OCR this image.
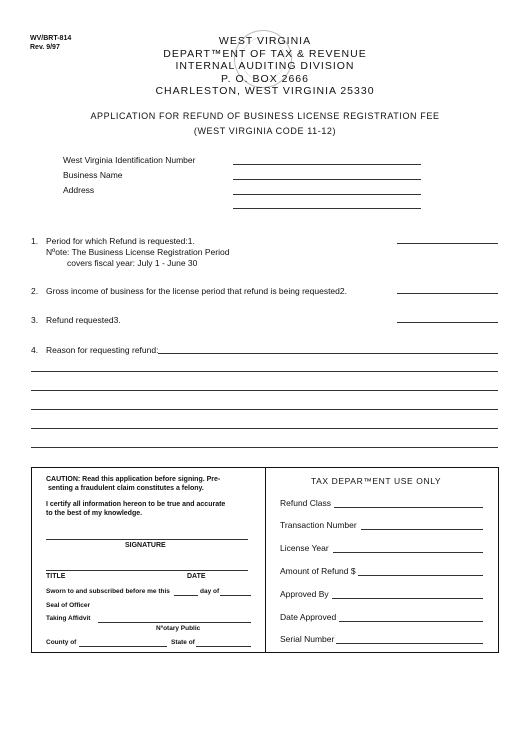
WV/BRT-814
Rev. 9/97
WEST VIRGINIA
DEPART™ENT OF TAX & REVENUE
INTERNAL AUDITING DIVISION
P. O. BOX 2666
CHARLESTON, WEST VIRGINIA 25330
APPLICATION FOR REFUND OF BUSINESS LICENSE REGISTRATION FEE
(WEST VIRGINIA CODE 11-12)
West Virginia Identification Number
Business Name
Address
1. Period for which Refund is requested:1.
Nºote: The Business License Registration Period
covers fiscal year: July 1 - June 30
2. Gross income of business for the license period that refund is being requested2.
3. Refund requested3.
4. Reason for requesting refund:
CAUTION: Read this application before signing. Pre-
senting a fraudulent claim constitutes a felony.
I certify all information hereon to be true and accurate
to the best of my knowledge.
SIGNATURE
TITLE	DATE
Sworn to and subscribed before me this	day of
Seal of Officer
Taking Affidvit
Nºotary Public
County of	State of
TAX DEPAR™ENT USE ONLY
Refund Class
Transaction Number
License Year
Amount of Refund $
Approved By
Date Approved
Serial Number
